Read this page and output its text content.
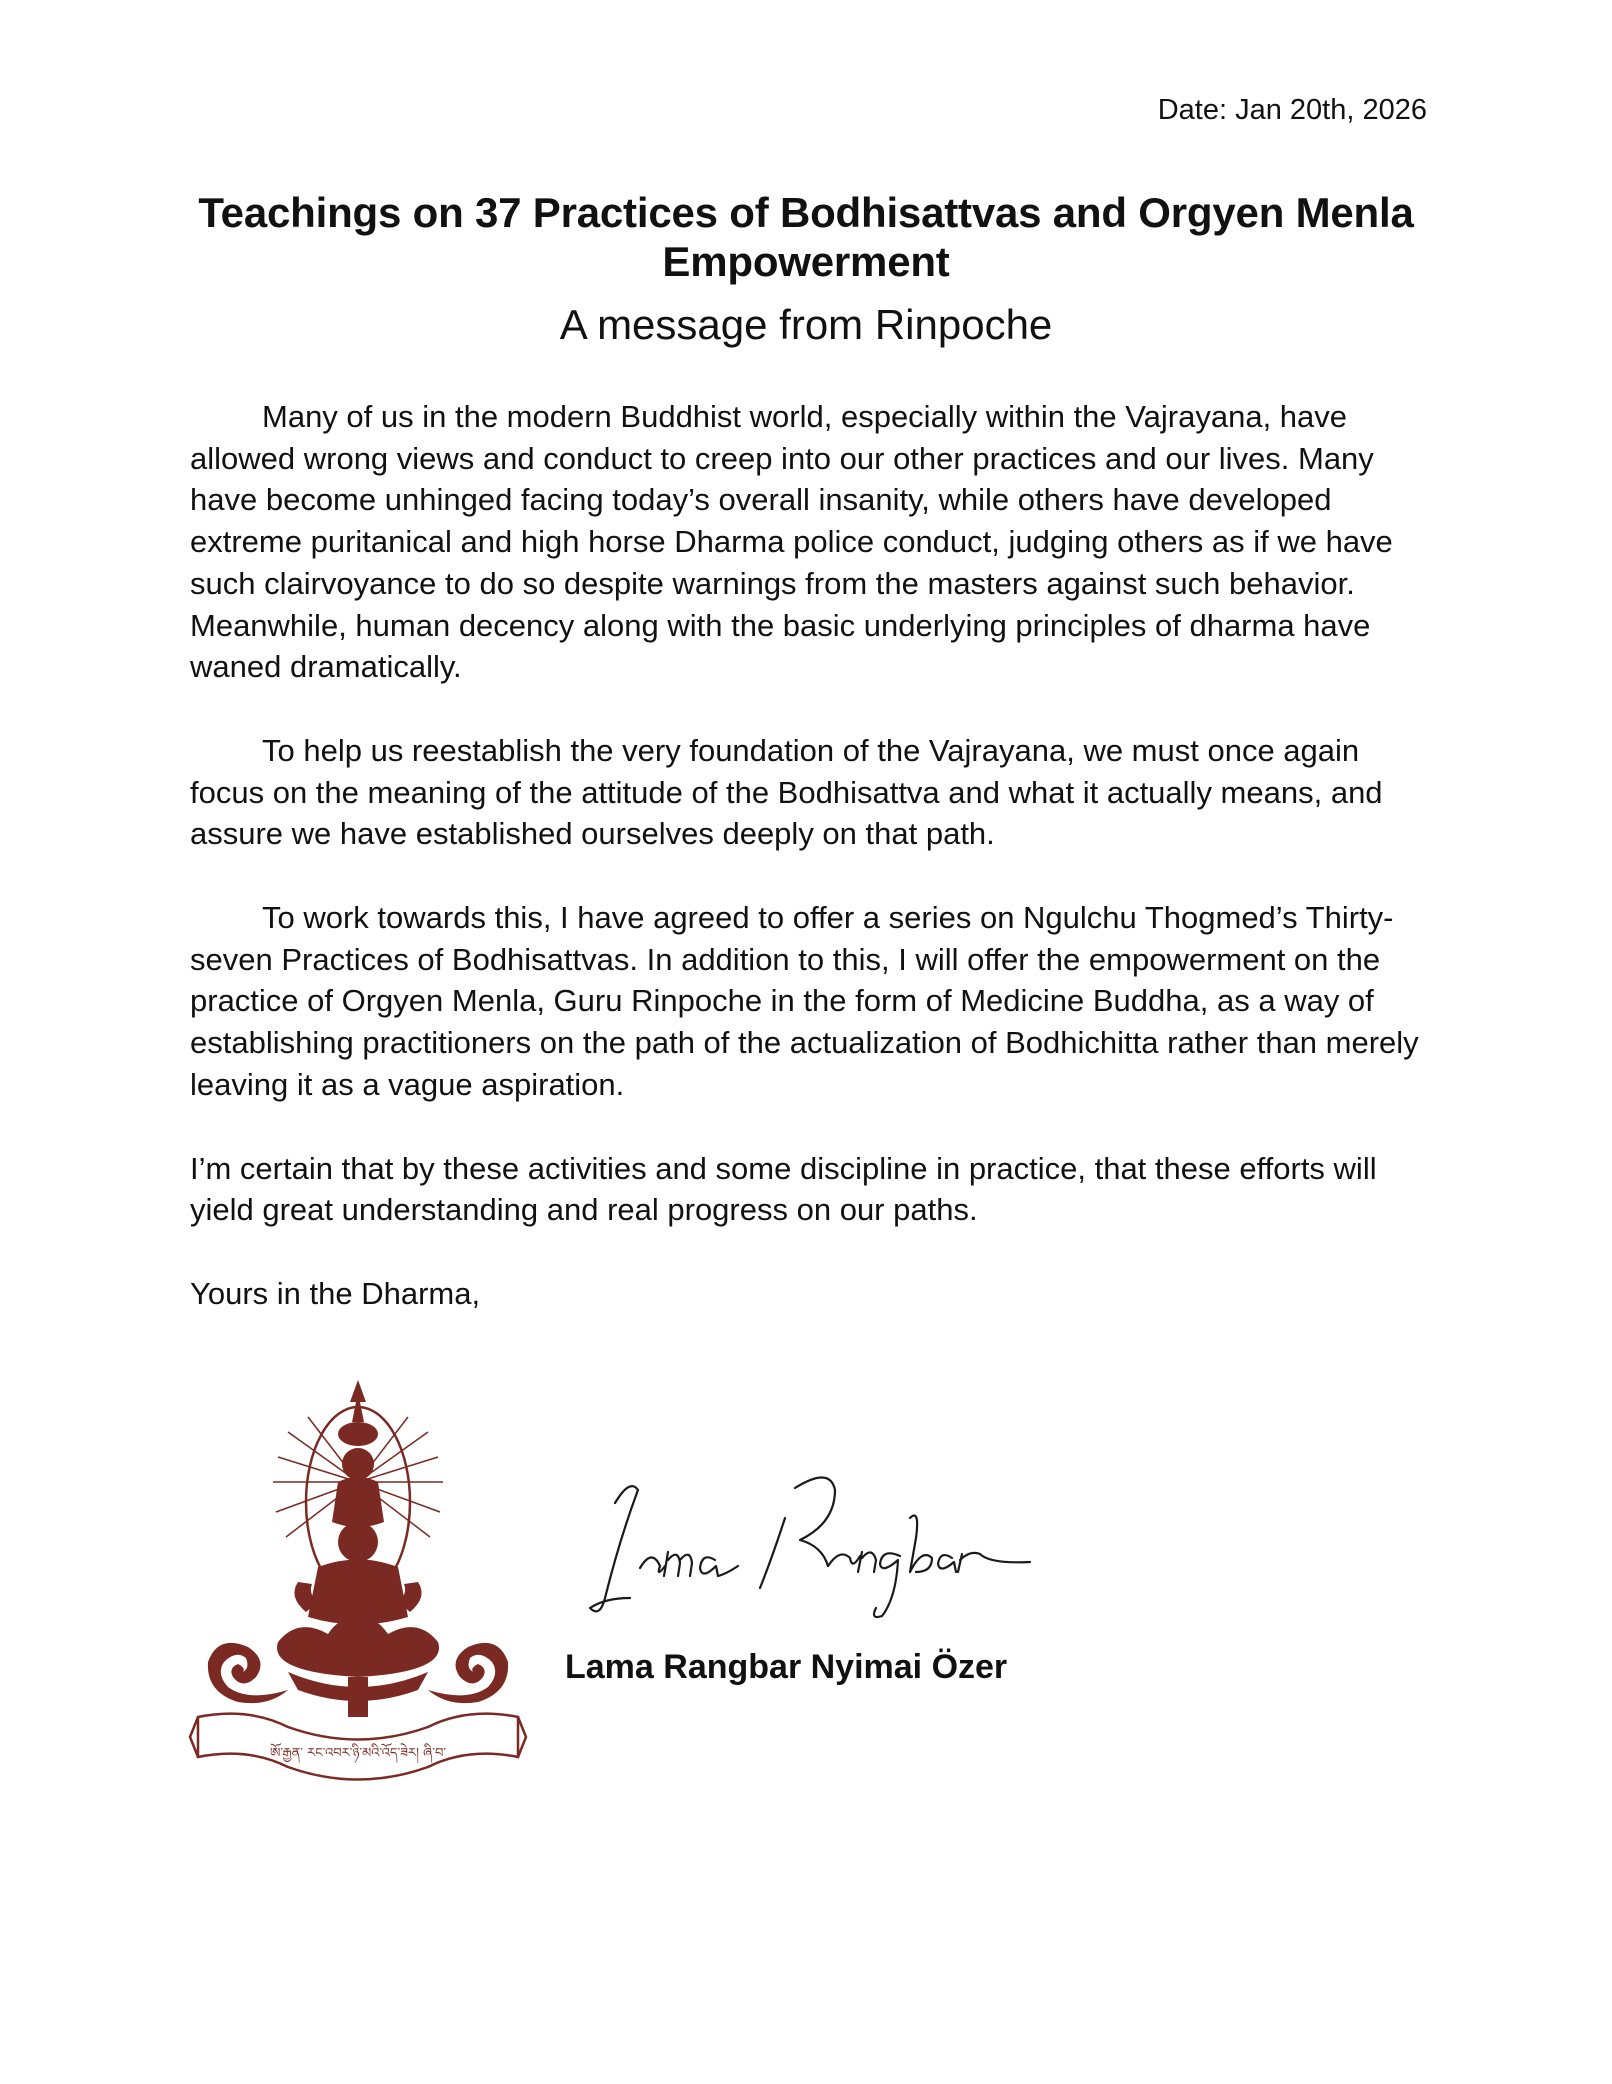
Date: Jan 20th, 2026
Teachings on 37 Practices of Bodhisattvas and Orgyen Menla Empowerment
A message from Rinpoche

Many of us in the modern Buddhist world, especially within the Vajrayana, have allowed wrong views and conduct to creep into our other practices and our lives. Many have become unhinged facing today’s overall insanity, while others have developed extreme puritanical and high horse Dharma police conduct, judging others as if we have such clairvoyance to do so despite warnings from the masters against such behavior. Meanwhile, human decency along with the basic underlying principles of dharma have waned dramatically.

To help us reestablish the very foundation of the Vajrayana, we must once again focus on the meaning of the attitude of the Bodhisattva and what it actually means, and assure we have established ourselves deeply on that path.

To work towards this, I have agreed to offer a series on Ngulchu Thogmed’s Thirty-seven Practices of Bodhisattvas. In addition to this, I will offer the empowerment on the practice of Orgyen Menla, Guru Rinpoche in the form of Medicine Buddha, as a way of establishing practitioners on the path of the actualization of Bodhichitta rather than merely leaving it as a vague aspiration.

I’m certain that by these activities and some discipline in practice, that these efforts will yield great understanding and real progress on our paths.

Yours in the Dharma,

ཨོ་རྒྱན་ རང་འབར་ཉི་མའི་འོད་ཟེར། ཞི་བ་
Lama Rangbar Nyimai Özer
